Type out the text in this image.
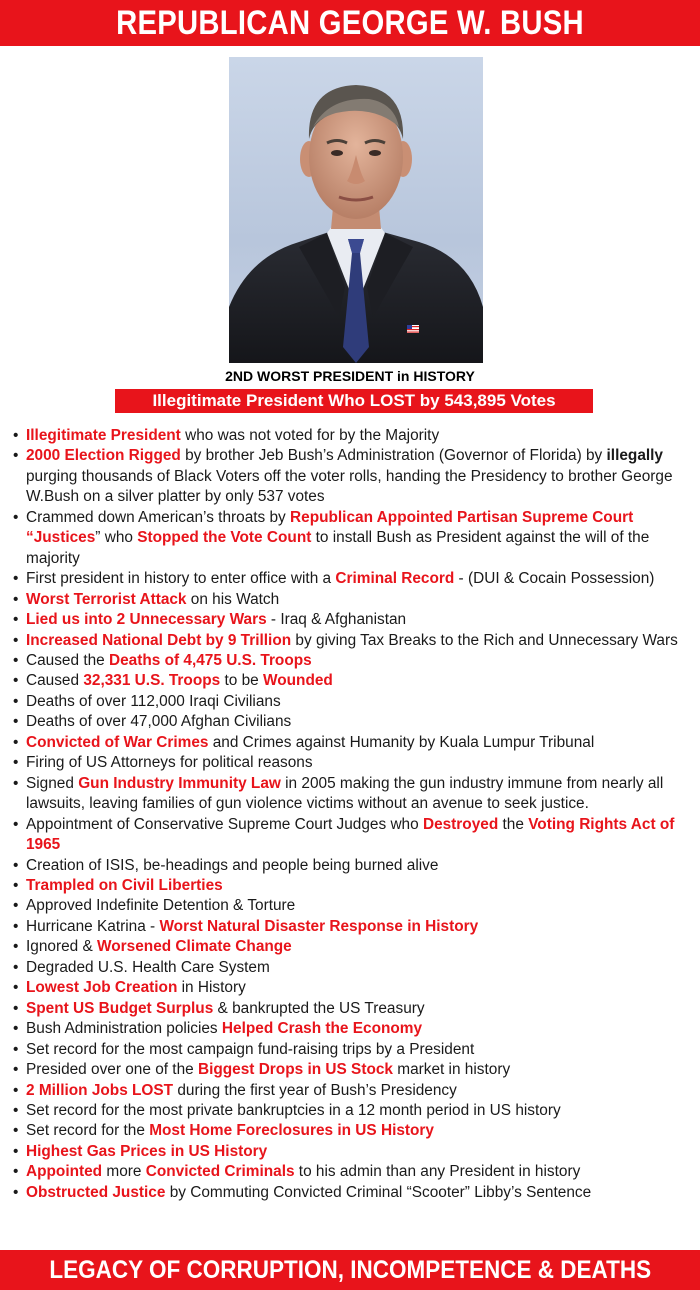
REPUBLICAN GEORGE W. BUSH
2ND WORST PRESIDENT in HISTORY
Illegitimate President Who LOST by 543,895 Votes
• Illegitimate President who was not voted for by the Majority
• 2000 Election Rigged by brother Jeb Bush’s Administration (Governor of Florida) by illegally purging thousands of Black Voters off the voter rolls, handing the Presidency to brother George W.Bush on a silver platter by only 537 votes
• Crammed down American’s throats by Republican Appointed Partisan Supreme Court “Justices” who Stopped the Vote Count to install Bush as President against the will of the majority
• First president in history to enter office with a Criminal Record - (DUI & Cocain Possession)
• Worst Terrorist Attack on his Watch
• Lied us into 2 Unnecessary Wars - Iraq & Afghanistan
• Increased National Debt by 9 Trillion by giving Tax Breaks to the Rich and Unnecessary Wars
• Caused the Deaths of 4,475 U.S. Troops
• Caused 32,331 U.S. Troops to be Wounded
• Deaths of over 112,000 Iraqi Civilians
• Deaths of over 47,000 Afghan Civilians
• Convicted of War Crimes and Crimes against Humanity by Kuala Lumpur Tribunal
• Firing of US Attorneys for political reasons
• Signed Gun Industry Immunity Law in 2005 making the gun industry immune from nearly all lawsuits, leaving families of gun violence victims without an avenue to seek justice.
• Appointment of Conservative Supreme Court Judges who Destroyed the Voting Rights Act of 1965
• Creation of ISIS, be-headings and people being burned alive
• Trampled on Civil Liberties
• Approved Indefinite Detention & Torture
• Hurricane Katrina - Worst Natural Disaster Response in History
• Ignored & Worsened Climate Change
• Degraded U.S. Health Care System
• Lowest Job Creation in History
• Spent US Budget Surplus & bankrupted the US Treasury
• Bush Administration policies Helped Crash the Economy
• Set record for the most campaign fund-raising trips by a President
• Presided over one of the Biggest Drops in US Stock market in history
• 2 Million Jobs LOST during the first year of Bush’s Presidency
• Set record for the most private bankruptcies in a 12 month period in US history
• Set record for the Most Home Foreclosures in US History
• Highest Gas Prices in US History
• Appointed more Convicted Criminals to his admin than any President in history
• Obstructed Justice by Commuting Convicted Criminal “Scooter” Libby’s Sentence
LEGACY OF CORRUPTION, INCOMPETENCE & DEATHS
